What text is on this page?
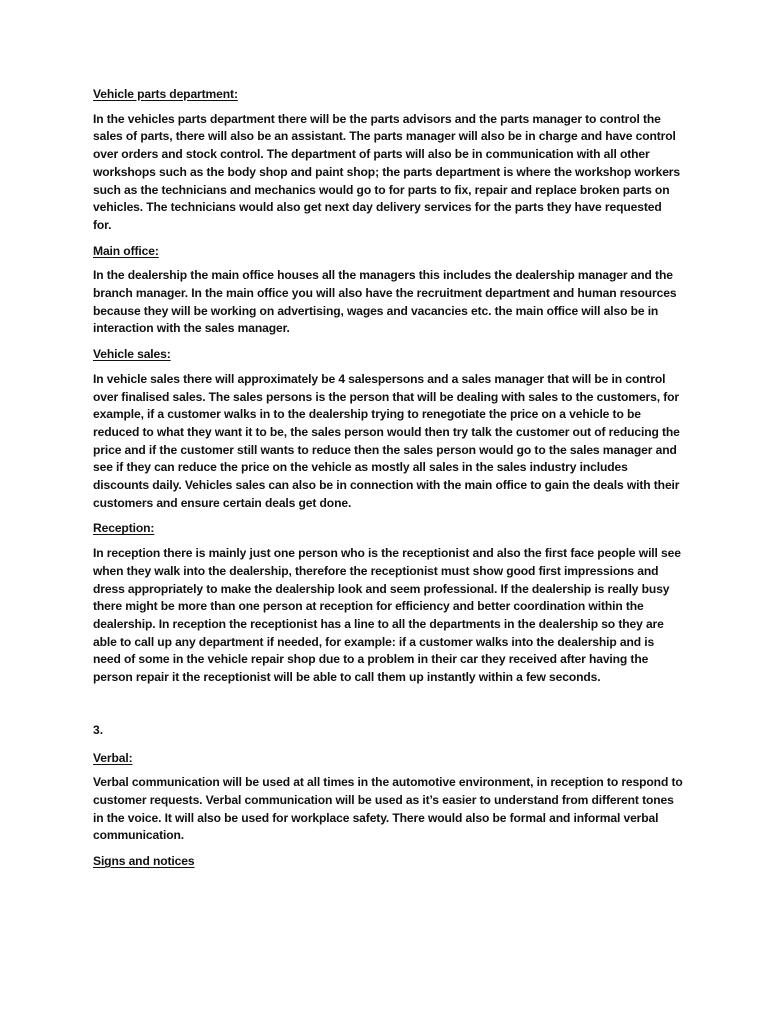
Vehicle parts department:

In the vehicles parts department there will be the parts advisors and the parts manager to control the sales of parts, there will also be an assistant. The parts manager will also be in charge and have control over orders and stock control. The department of parts will also be in communication with all other workshops such as the body shop and paint shop; the parts department is where the workshop workers such as the technicians and mechanics would go to for parts to fix, repair and replace broken parts on vehicles. The technicians would also get next day delivery services for the parts they have requested for.

Main office:

In the dealership the main office houses all the managers this includes the dealership manager and the branch manager. In the main office you will also have the recruitment department and human resources because they will be working on advertising, wages and vacancies etc. the main office will also be in interaction with the sales manager.

Vehicle sales:

In vehicle sales there will approximately be 4 salespersons and a sales manager that will be in control over finalised sales. The sales persons is the person that will be dealing with sales to the customers, for example, if a customer walks in to the dealership trying to renegotiate the price on a vehicle to be reduced to what they want it to be, the sales person would then try talk the customer out of reducing the price and if the customer still wants to reduce then the sales person would go to the sales manager and see if they can reduce the price on the vehicle as mostly all sales in the sales industry includes discounts daily. Vehicles sales can also be in connection with the main office to gain the deals with their customers and ensure certain deals get done.

Reception:

In reception there is mainly just one person who is the receptionist and also the first face people will see when they walk into the dealership, therefore the receptionist must show good first impressions and dress appropriately to make the dealership look and seem professional. If the dealership is really busy there might be more than one person at reception for efficiency and better coordination within the dealership. In reception the receptionist has a line to all the departments in the dealership so they are able to call up any department if needed, for example: if a customer walks into the dealership and is need of some in the vehicle repair shop due to a problem in their car they received after having the person repair it the receptionist will be able to call them up instantly within a few seconds.

3.

Verbal:

Verbal communication will be used at all times in the automotive environment, in reception to respond to customer requests. Verbal communication will be used as it’s easier to understand from different tones in the voice. It will also be used for workplace safety. There would also be formal and informal verbal communication.

Signs and notices
